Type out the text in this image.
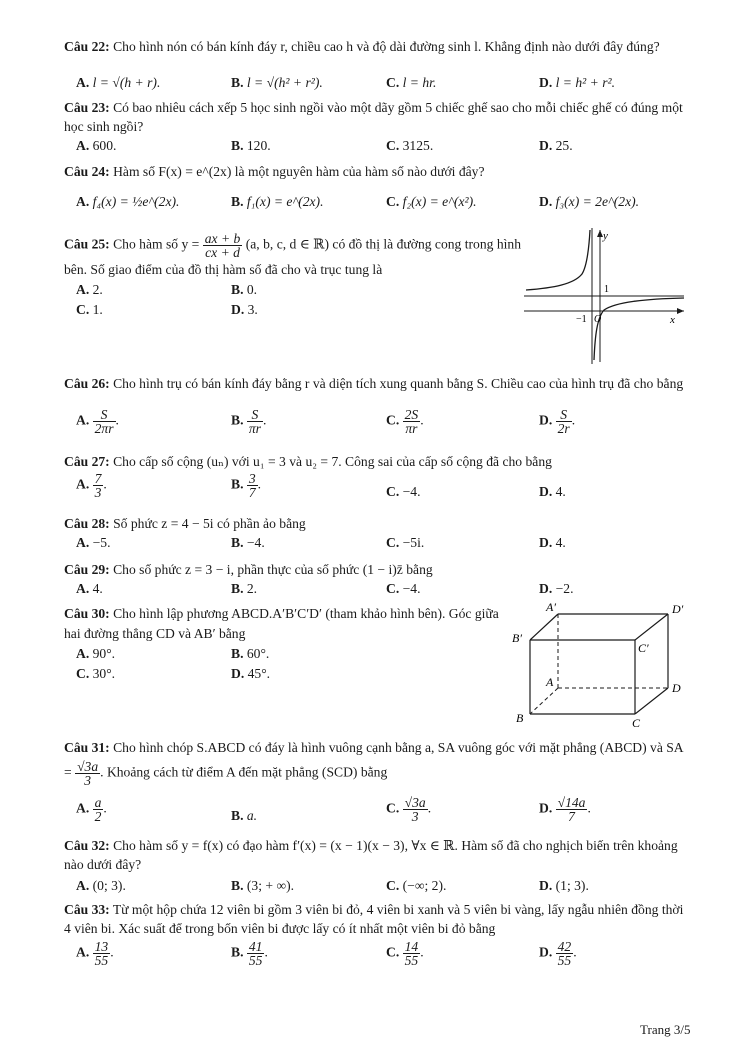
Câu 22: Cho hình nón có bán kính đáy r, chiều cao h và độ dài đường sinh l. Khẳng định nào dưới đây đúng?

A. l = √(h + r).	B. l = √(h² + r²).	C. l = hr.	D. l = h² + r².

Câu 23: Có bao nhiêu cách xếp 5 học sinh ngồi vào một dãy gồm 5 chiếc ghế sao cho mỗi chiếc ghế có đúng một học sinh ngồi?

A. 600.	B. 120.	C. 3125.	D. 25.

Câu 24: Hàm số F(x) = e^(2x) là một nguyên hàm của hàm số nào dưới đây?

A. f₄(x) = ½e^(2x).	B. f₁(x) = e^(2x).	C. f₂(x) = e^(x²).	D. f₃(x) = 2e^(2x).

Câu 25: Cho hàm số $y = \frac{ax + b}{cx + d} (a$, b, c, d ∈ ℝ) có đồ thị là đường cong trong hình bên. Số giao điểm của đồ thị hàm số đã cho và trục tung là

A. 2.	B. 0.
C. 1.	D. 3.
y
x
O
1
−1

Câu 26: Cho hình trụ có bán kính đáy bằng r và diện tích xung quanh bằng S. Chiều cao của hình trụ đã cho bằng

A. $\frac{S}{2\pi r}$ .	B. $\frac{S}{\pi r}$ .	C. $\frac{2S}{\pi r}$ .	D. $\frac{S}{2r}$ .

Câu 27: Cho cấp số cộng (uₙ) với u₁ = 3 và u₂ = 7. Công sai của cấp số cộng đã cho bằng

A. $\frac{7}{3}$ .	B. $\frac{3}{7}$ .	C. −4.	D. 4.

Câu 28: Số phức z = 4 − 5i có phần ảo bằng

A. −5.	B. −4.	C. −5i.	D. 4.

Câu 29: Cho số phức z = 3 − i, phần thực của số phức (1 − i)z̄ bằng

A. 4.	B. 2.	C. −4.	D. −2.

Câu 30: Cho hình lập phương ABCD.A′B′C′D′ (tham khảo hình bên). Góc giữa hai đường thẳng CD và AB′ bằng

A. 90°.	B. 60°.
C. 30°.	D. 45°.
A′	D′
B′
C′
A	D
B	C

Câu 31: Cho hình chóp S.ABCD có đáy là hình vuông cạnh bằng a, SA vuông góc với mặt phẳng (ABCD) và SA = $\frac{√3a}{3}$ . Khoảng cách từ điểm A đến mặt phẳng (SCD) bằng

A. $\frac{a}{2}$ .	B. a.	C. $\frac{√3a}{3}$ .	D. $\frac{√14a}{7}$ .

Câu 32: Cho hàm số y = f(x) có đạo hàm f′(x) = (x − 1)(x − 3), ∀x ∈ ℝ. Hàm số đã cho nghịch biến trên khoảng nào dưới đây?

A. (0; 3).	B. (3; + ∞).	C. (−∞; 2).	D. (1; 3).

Câu 33: Từ một hộp chứa 12 viên bi gồm 3 viên bi đỏ, 4 viên bi xanh và 5 viên bi vàng, lấy ngẫu nhiên đồng thời 4 viên bi. Xác suất để trong bốn viên bi được lấy có ít nhất một viên bi đỏ bằng

A. $\frac{13}{55}$ .	B. $\frac{41}{55}$ .	C. $\frac{14}{55}$ .	D. $\frac{42}{55}$ .
Trang 3/5
